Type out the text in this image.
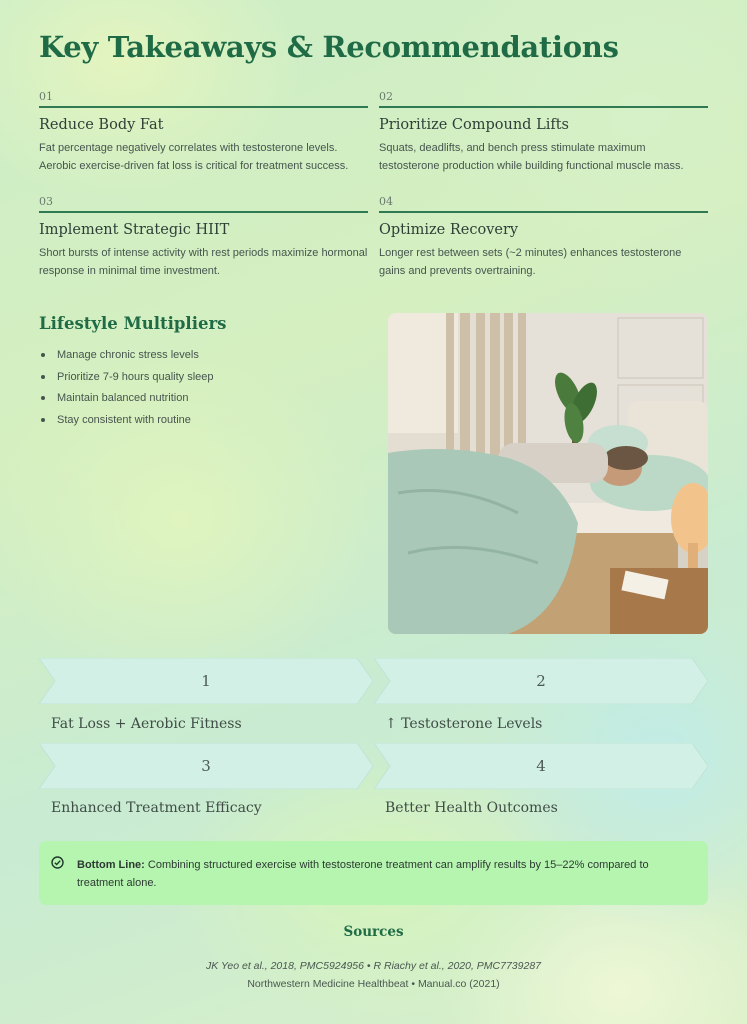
Key Takeaways & Recommendations
01
Reduce Body Fat
Fat percentage negatively correlates with testosterone levels. Aerobic exercise-driven fat loss is critical for treatment success.
02
Prioritize Compound Lifts
Squats, deadlifts, and bench press stimulate maximum testosterone production while building functional muscle mass.
03
Implement Strategic HIIT
Short bursts of intense activity with rest periods maximize hormonal response in minimal time investment.
04
Optimize Recovery
Longer rest between sets (~2 minutes) enhances testosterone gains and prevents overtraining.
Lifestyle Multipliers
Manage chronic stress levels
Prioritize 7-9 hours quality sleep
Maintain balanced nutrition
Stay consistent with routine
1	2
Fat Loss + Aerobic Fitness	↑ Testosterone Levels
3	4
Enhanced Treatment Efficacy	Better Health Outcomes
Bottom Line: Combining structured exercise with testosterone treatment can amplify results by 15–22% compared to treatment alone.
Sources
JK Yeo et al., 2018, PMC5924956 • R Riachy et al., 2020, PMC7739287
Northwestern Medicine Healthbeat • Manual.co (2021)
